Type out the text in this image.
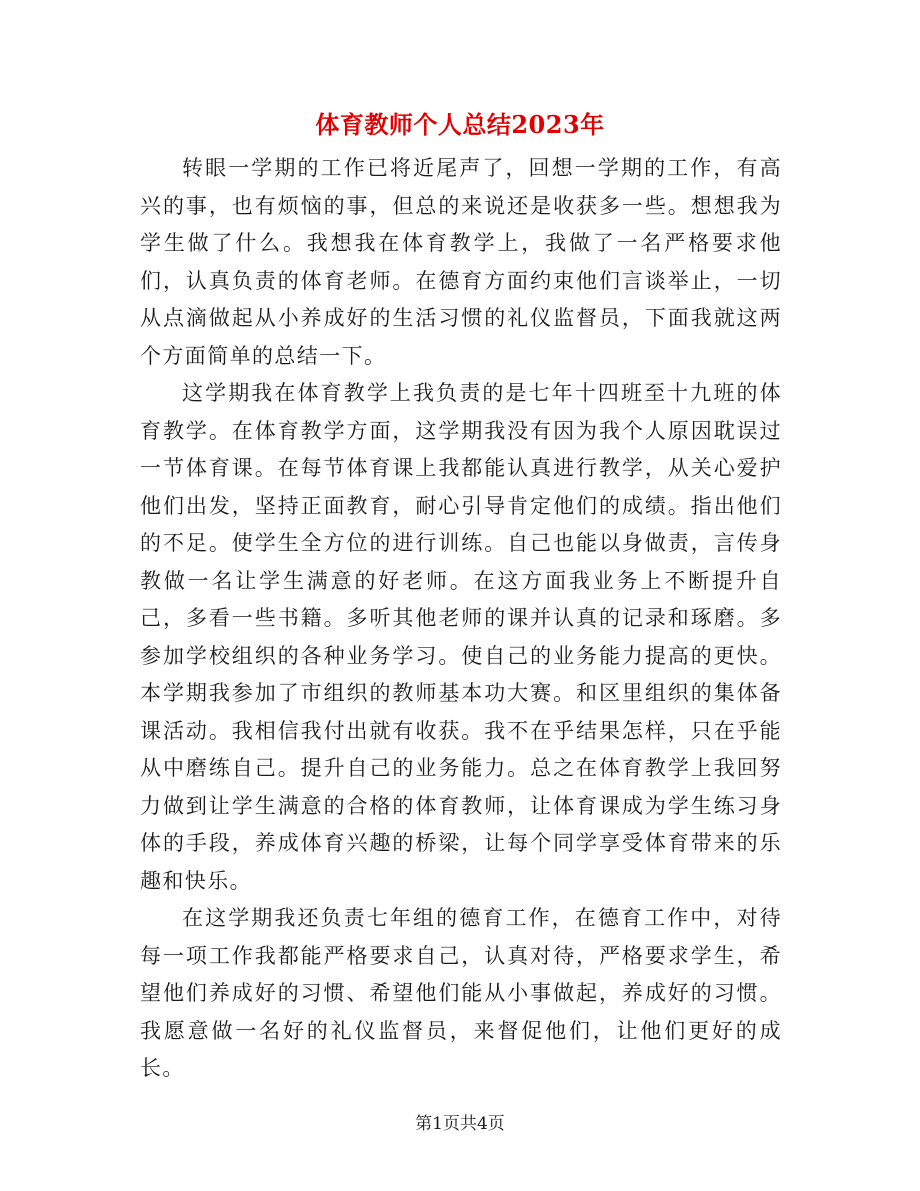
体育教师个人总结2023年

转眼一学期的工作已将近尾声了，回想一学期的工作，有高兴的事，也有烦恼的事，但总的来说还是收获多一些。想想我为学生做了什么。我想我在体育教学上，我做了一名严格要求他们，认真负责的体育老师。在德育方面约束他们言谈举止，一切从点滴做起从小养成好的生活习惯的礼仪监督员，下面我就这两个方面简单的总结一下。

这学期我在体育教学上我负责的是七年十四班至十九班的体育教学。在体育教学方面，这学期我没有因为我个人原因耽误过一节体育课。在每节体育课上我都能认真进行教学，从关心爱护他们出发，坚持正面教育，耐心引导肯定他们的成绩。指出他们的不足。使学生全方位的进行训练。自己也能以身做责，言传身教做一名让学生满意的好老师。在这方面我业务上不断提升自己，多看一些书籍。多听其他老师的课并认真的记录和琢磨。多参加学校组织的各种业务学习。使自己的业务能力提高的更快。本学期我参加了市组织的教师基本功大赛。和区里组织的集体备课活动。我相信我付出就有收获。我不在乎结果怎样，只在乎能从中磨练自己。提升自己的业务能力。总之在体育教学上我回努力做到让学生满意的合格的体育教师，让体育课成为学生练习身体的手段，养成体育兴趣的桥梁，让每个同学享受体育带来的乐趣和快乐。

在这学期我还负责七年组的德育工作，在德育工作中，对待每一项工作我都能严格要求自己，认真对待，严格要求学生，希望他们养成好的习惯、希望他们能从小事做起，养成好的习惯。我愿意做一名好的礼仪监督员，来督促他们，让他们更好的成长。

第1页共4页
